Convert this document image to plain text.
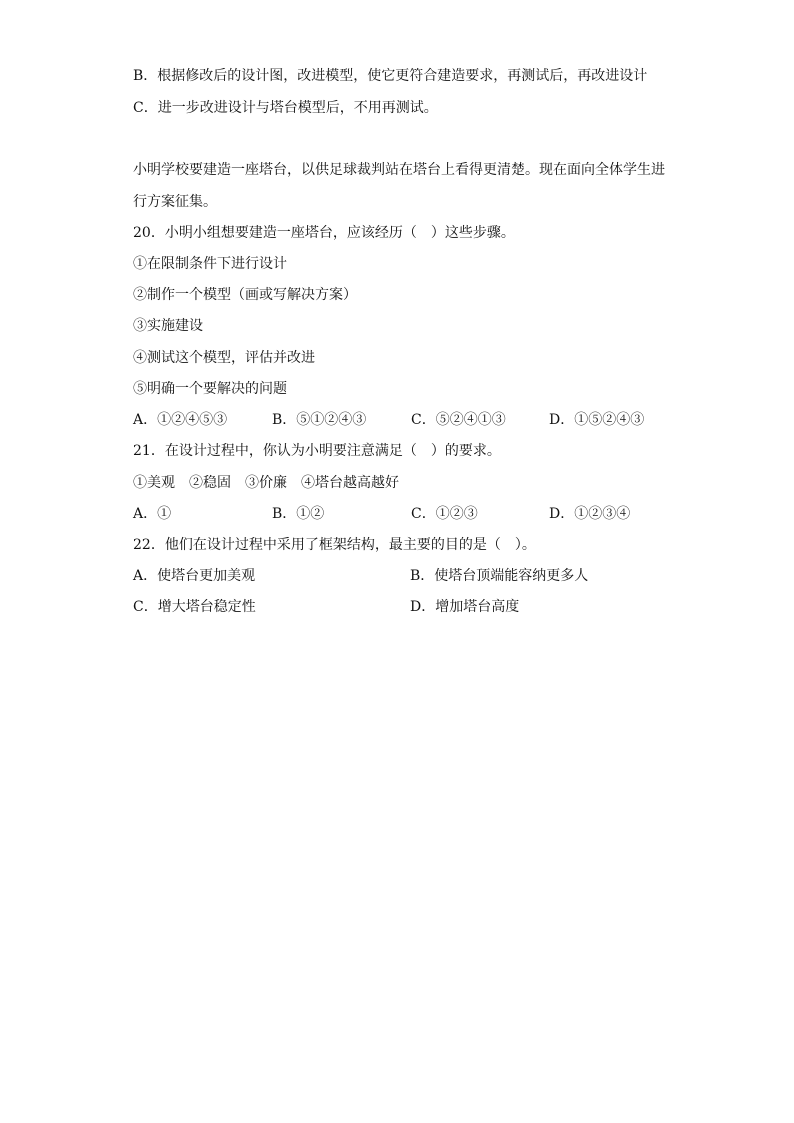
B．根据修改后的设计图，改进模型，使它更符合建造要求，再测试后，再改进设计
C．进一步改进设计与塔台模型后，不用再测试。
小明学校要建造一座塔台，以供足球裁判站在塔台上看得更清楚。现在面向全体学生进
行方案征集。
20．小明小组想要建造一座塔台，应该经历（　）这些步骤。
①在限制条件下进行设计
②制作一个模型（画或写解决方案）
③实施建设
④测试这个模型，评估并改进
⑤明确一个要解决的问题
A．①②④⑤③	B．⑤①②④③	C．⑤②④①③	D．①⑤②④③
21．在设计过程中，你认为小明要注意满足（　）的要求。
①美观　②稳固　③价廉　④塔台越高越好
A．①	B．①②	C．①②③	D．①②③④
22．他们在设计过程中采用了框架结构，最主要的目的是（　）。
A．使塔台更加美观	B．使塔台顶端能容纳更多人
C．增大塔台稳定性	D．增加塔台高度
